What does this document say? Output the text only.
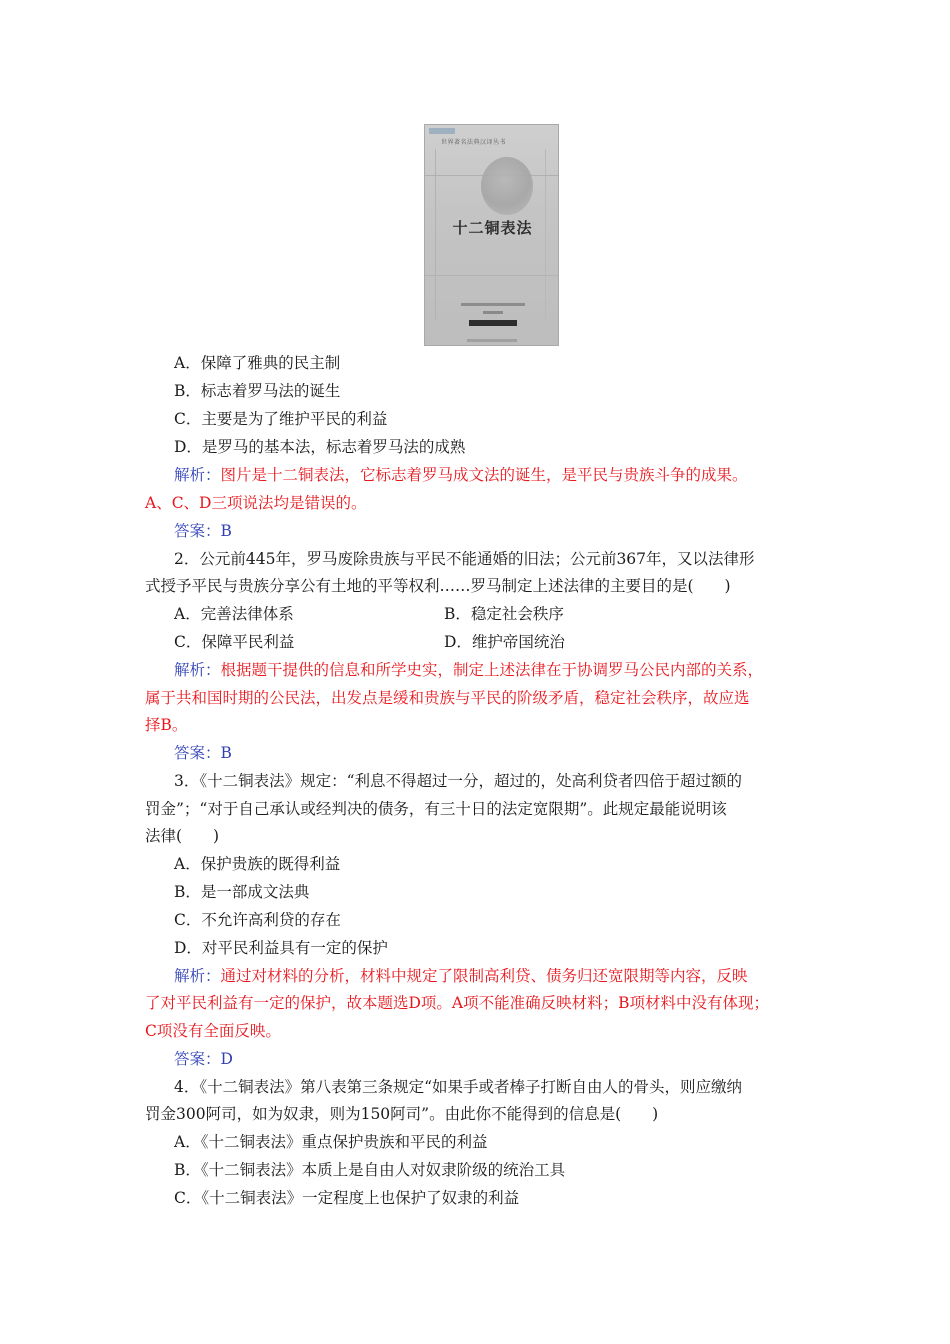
世界著名法典汉译丛书
十二铜表法
A．保障了雅典的民主制
B．标志着罗马法的诞生
C．主要是为了维护平民的利益
D．是罗马的基本法，标志着罗马法的成熟
解析：图片是十二铜表法，它标志着罗马成文法的诞生，是平民与贵族斗争的成果。
A、C、D三项说法均是错误的。
答案：B
2．公元前445年，罗马废除贵族与平民不能通婚的旧法；公元前367年，又以法律形
式授予平民与贵族分享公有土地的平等权利……罗马制定上述法律的主要目的是(　　)
A．完善法律体系	B．稳定社会秩序
C．保障平民利益	D．维护帝国统治
解析：根据题干提供的信息和所学史实，制定上述法律在于协调罗马公民内部的关系，
属于共和国时期的公民法，出发点是缓和贵族与平民的阶级矛盾，稳定社会秩序，故应选
择B。
答案：B
3．《十二铜表法》规定：“利息不得超过一分，超过的，处高利贷者四倍于超过额的
罚金”；“对于自己承认或经判决的债务，有三十日的法定宽限期”。此规定最能说明该
法律(　　)
A．保护贵族的既得利益
B．是一部成文法典
C．不允许高利贷的存在
D．对平民利益具有一定的保护
解析：通过对材料的分析，材料中规定了限制高利贷、债务归还宽限期等内容，反映
了对平民利益有一定的保护，故本题选D项。A项不能准确反映材料；B项材料中没有体现；
C项没有全面反映。
答案：D
4．《十二铜表法》第八表第三条规定“如果手或者棒子打断自由人的骨头，则应缴纳
罚金300阿司，如为奴隶，则为150阿司”。由此你不能得到的信息是(　　)
A．《十二铜表法》重点保护贵族和平民的利益
B．《十二铜表法》本质上是自由人对奴隶阶级的统治工具
C．《十二铜表法》一定程度上也保护了奴隶的利益
